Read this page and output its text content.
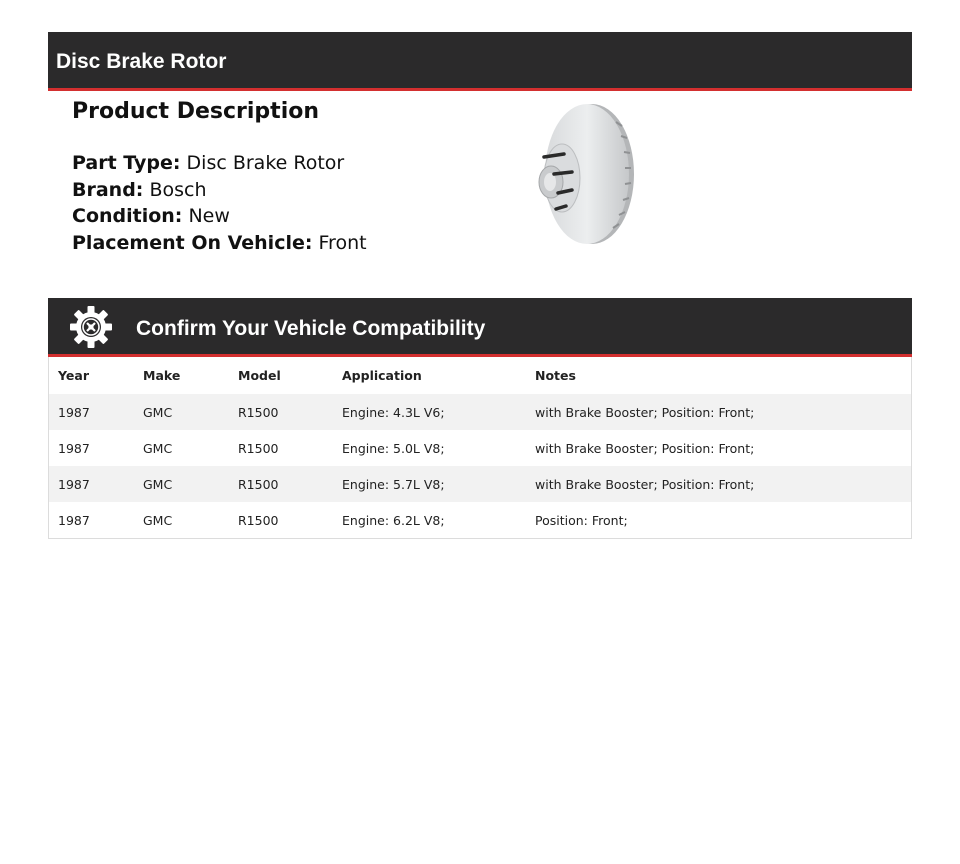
Disc Brake Rotor
Product Description
Part Type: Disc Brake Rotor
Brand: Bosch
Condition: New
Placement On Vehicle: Front
Confirm Your Vehicle Compatibility
Year	Make	Model	Application	Notes
1987	GMC	R1500	Engine: 4.3L V6;	with Brake Booster; Position: Front;
1987	GMC	R1500	Engine: 5.0L V8;	with Brake Booster; Position: Front;
1987	GMC	R1500	Engine: 5.7L V8;	with Brake Booster; Position: Front;
1987	GMC	R1500	Engine: 6.2L V8;	Position: Front;
